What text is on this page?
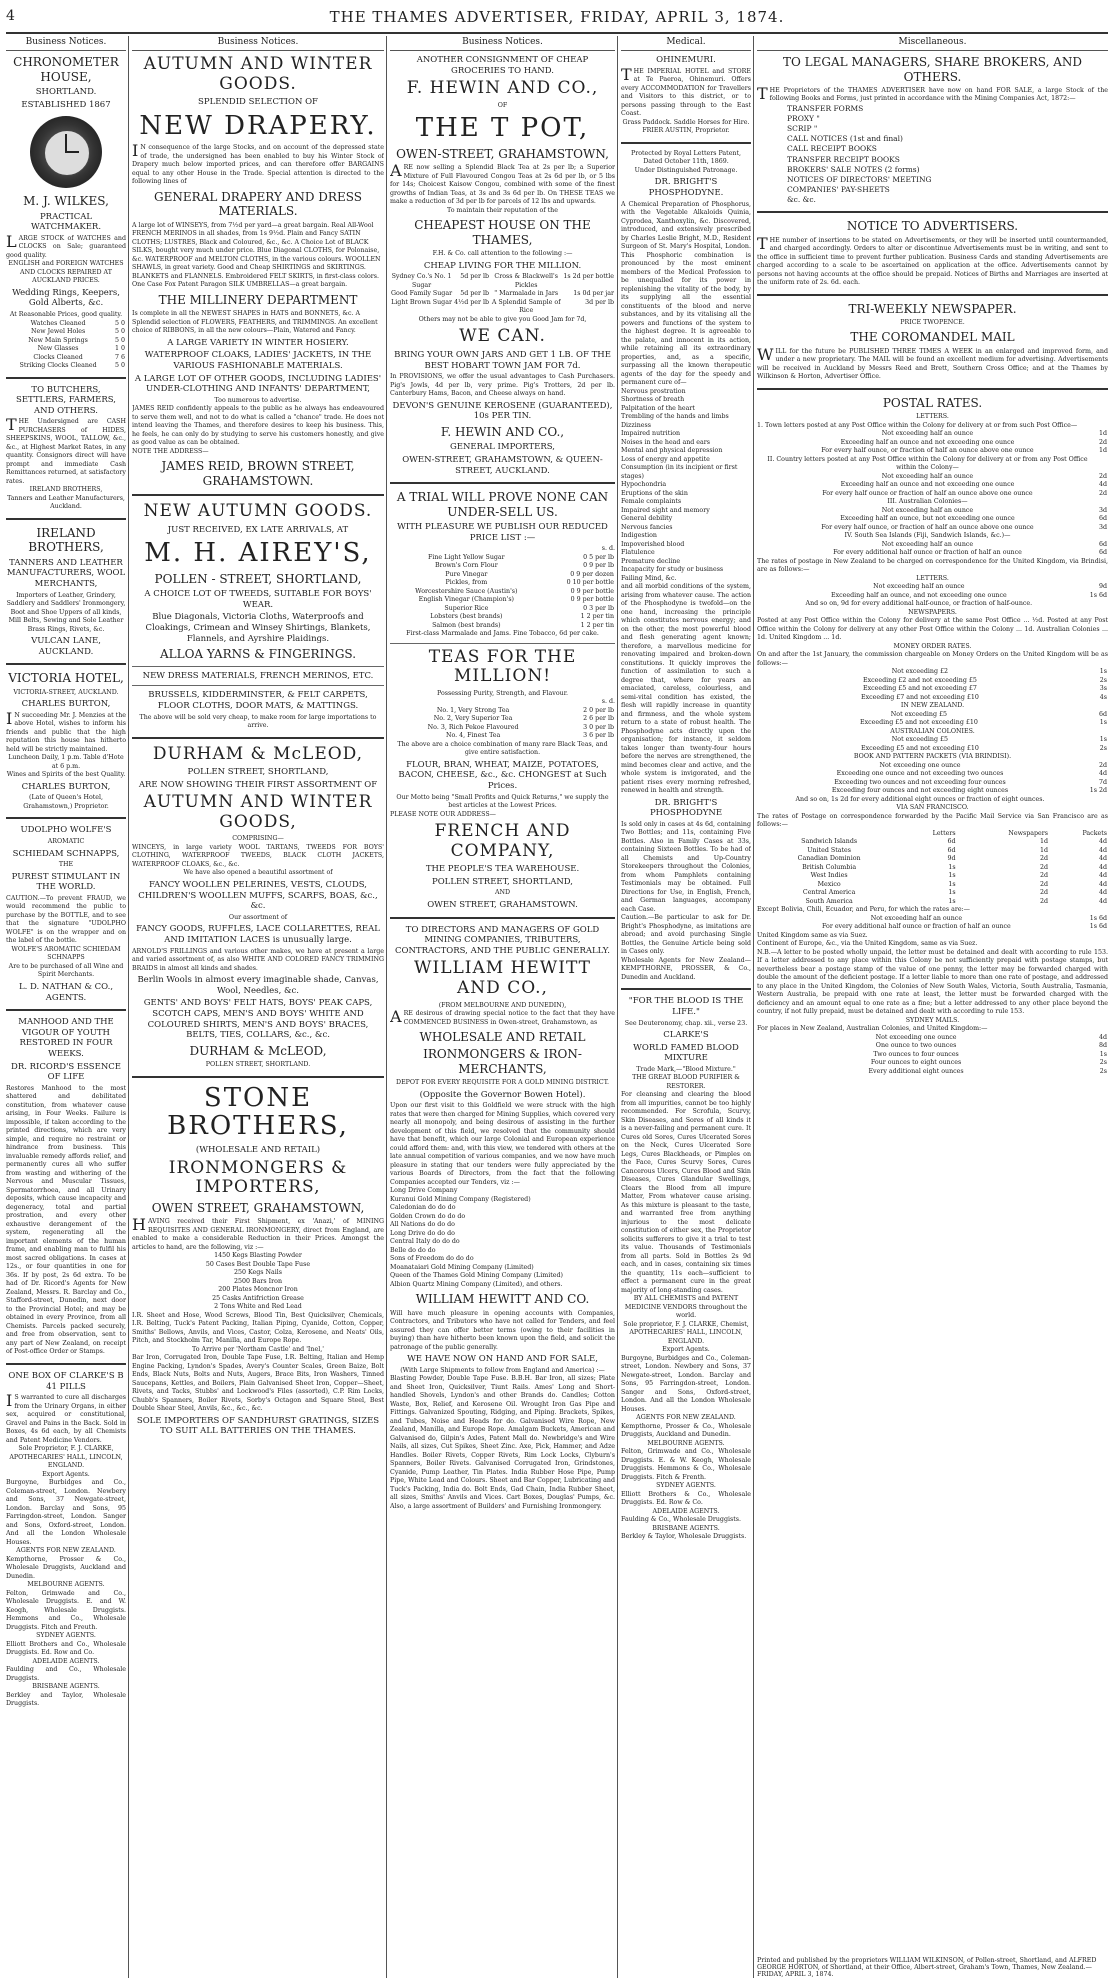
4	THE THAMES ADVERTISER, FRIDAY, APRIL 3, 1874.
Business Notices.
CHRONOMETER HOUSE,
SHORTLAND.
ESTABLISHED 1867
M. J. WILKES,
PRACTICAL WATCHMAKER.
LARGE STOCK of WATCHES and CLOCKS on Sale; guaranteed good quality.
ENGLISH and FOREIGN WATCHES AND CLOCKS REPAIRED AT AUCKLAND PRICES.
Wedding Rings, Keepers, Gold Alberts, &c.
At Reasonable Prices, good quality.
Watches Cleaned	5 0
New Jewel Holes	5 0
New Main Springs	5 0
New Glasses	1 0
Clocks Cleaned	7 6
Striking Clocks Cleaned	5 0
TO BUTCHERS, SETTLERS, FARMERS, AND OTHERS.
THE Undersigned are CASH PURCHASERS of HIDES, SHEEPSKINS, WOOL, TALLOW, &c., &c., at Highest Market Rates, in any quantity. Consignors direct will have prompt and immediate Cash Remittances returned, at satisfactory rates.
IRELAND BROTHERS,
Tanners and Leather Manufacturers, Auckland.
IRELAND BROTHERS,
TANNERS AND LEATHER MANUFACTURERS, WOOL MERCHANTS,
Importers of Leather, Grindery, Saddlery and Saddlers' Ironmongery, Boot and Shoe Uppers of all kinds, Mill Belts, Sewing and Sole Leather Brass Rings, Rivets, &c.
VULCAN LANE, AUCKLAND.
VICTORIA HOTEL,
VICTORIA-STREET, AUCKLAND.
CHARLES BURTON,
IN succeeding Mr. J. Menzies at the above Hotel, wishes to inform his friends and public that the high reputation this house has hitherto held will be strictly maintained.
Luncheon Daily, 1 p.m. Table d'Hote at 6 p.m.
Wines and Spirits of the best Quality.
CHARLES BURTON,
(Late of Queen's Hotel, Grahamstown,) Proprietor.
UDOLPHO WOLFE'S
AROMATIC
SCHIEDAM SCHNAPPS,
THE
PUREST STIMULANT IN THE WORLD.
CAUTION.—To prevent FRAUD, we would recommend the public to purchase by the BOTTLE, and to see that the signature "UDOLPHO WOLFE" is on the wrapper and on the label of the bottle.
WOLFE'S AROMATIC SCHIEDAM SCHNAPPS
Are to be purchased of all Wine and Spirit Merchants.
L. D. NATHAN & CO., AGENTS.
MANHOOD AND THE VIGOUR OF YOUTH RESTORED IN FOUR WEEKS.
DR. RICORD'S ESSENCE OF LIFE
Restores Manhood to the most shattered and debilitated constitution, from whatever cause arising, in Four Weeks. Failure is impossible, if taken according to the printed directions, which are very simple, and require no restraint or hindrance from business. This invaluable remedy affords relief, and permanently cures all who suffer from wasting and withering of the Nervous and Muscular Tissues, Spermatorrhoea, and all Urinary deposits, which cause incapacity and degeneracy, total and partial prostration, and every other exhaustive derangement of the system, regenerating all the important elements of the human frame, and enabling man to fulfil his most sacred obligations. In cases at 12s., or four quantities in one for 36s. If by post, 2s 6d extra. To be had of Dr. Ricord's Agents for New Zealand, Messrs. R. Barclay and Co., Stafford-street, Dunedin, next door to the Provincial Hotel; and may be obtained in every Province, from all Chemists. Parcels packed securely, and free from observation, sent to any part of New Zealand, on receipt of Post-office Order or Stamps.
ONE BOX OF CLARKE'S B 41 PILLS
IS warranted to cure all discharges from the Urinary Organs, in either sex, acquired or constitutional, Gravel and Pains in the Back. Sold in Boxes, 4s 6d each, by all Chemists and Patent Medicine Vendors.
Sole Proprietor, F. J. CLARKE,
APOTHECARIES' HALL, LINCOLN, ENGLAND.
Export Agents.
Burgoyne, Burbidges and Co., Coleman-street, London. Newbery and Sons, 37 Newgate-street, London. Barclay and Sons, 95 Farringdon-street, London. Sanger and Sons, Oxford-street, London. And all the London Wholesale Houses.
AGENTS FOR NEW ZEALAND.
Kempthorne, Prosser & Co., Wholesale Druggists, Auckland and Dunedin.
MELBOURNE AGENTS.
Felton, Grimwade and Co., Wholesale Druggists. E. and W. Keogh, Wholesale Druggists. Hemmons and Co., Wholesale Druggists. Fitch and Freuth.
SYDNEY AGENTS.
Elliott Brothers and Co., Wholesale Druggists. Ed. Row and Co.
ADELAIDE AGENTS.
Faulding and Co., Wholesale Druggists.
BRISBANE AGENTS.
Berkley and Taylor, Wholesale Druggists.
Business Notices.
AUTUMN AND WINTER GOODS.
SPLENDID SELECTION OF
NEW DRAPERY.
IN consequence of the large Stocks, and on account of the depressed state of trade, the undersigned has been enabled to buy his Winter Stock of Drapery much below imported prices, and can therefore offer BARGAINS equal to any other House in the Trade. Special attention is directed to the following lines of
GENERAL DRAPERY AND DRESS MATERIALS.
A large lot of WINSEYS, from 7½d per yard—a great bargain. Real All-Wool FRENCH MERINOS in all shades, from 1s 9½d. Plain and Fancy SATIN CLOTHS; LUSTRES, Black and Coloured, &c., &c. A Choice Lot of BLACK SILKS, bought very much under price. Blue Diagonal CLOTHS, for Polonaise, &c. WATERPROOF and MELTON CLOTHS, in the various colours. WOOLLEN SHAWLS, in great variety. Good and Cheap SHIRTINGS and SKIRTINGS. BLANKETS and FLANNELS. Embroidered FELT SKIRTS, in first-class colors. One Case Fox Patent Paragon SILK UMBRELLAS—a great bargain.
THE MILLINERY DEPARTMENT
Is complete in all the NEWEST SHAPES in HATS and BONNETS, &c. A Splendid selection of FLOWERS, FEATHERS, and TRIMMINGS. An excellent choice of RIBBONS, in all the new colours—Plain, Watered and Fancy.
A LARGE VARIETY IN WINTER HOSIERY.
WATERPROOF CLOAKS, LADIES' JACKETS, IN THE VARIOUS FASHIONABLE MATERIALS.
A LARGE LOT OF OTHER GOODS, INCLUDING LADIES' UNDER-CLOTHING AND INFANTS' DEPARTMENT,
Too numerous to advertise.
JAMES REID confidently appeals to the public as he always has endeavoured to serve them well, and not to do what is called a "chance" trade. He does not intend leaving the Thames, and therefore desires to keep his business. This, he feels, he can only do by studying to serve his customers honestly, and give as good value as can be obtained.
NOTE THE ADDRESS—
JAMES REID, BROWN STREET, GRAHAMSTOWN.
NEW AUTUMN GOODS.
JUST RECEIVED, EX LATE ARRIVALS, AT
M. H. AIREY'S,
POLLEN - STREET, SHORTLAND,
A CHOICE LOT OF TWEEDS, SUITABLE FOR BOYS' WEAR.
Blue Diagonals, Victoria Cloths, Waterproofs and Cloakings, Crimean and Winsey Shirtings, Blankets, Flannels, and Ayrshire Plaidings.
ALLOA YARNS & FINGERINGS.
NEW DRESS MATERIALS, FRENCH MERINOS, ETC.
BRUSSELS, KIDDERMINSTER, & FELT CARPETS, FLOOR CLOTHS, DOOR MATS, & MATTINGS.
The above will be sold very cheap, to make room for large importations to arrive.
DURHAM & McLEOD,
POLLEN STREET, SHORTLAND,
ARE NOW SHOWING THEIR FIRST ASSORTMENT OF
AUTUMN AND WINTER GOODS,
COMPRISING—
WINCEYS, in large variety WOOL TARTANS, TWEEDS FOR BOYS' CLOTHING, WATERPROOF TWEEDS, BLACK CLOTH JACKETS, WATERPROOF CLOAKS, &c., &c.
We have also opened a beautiful assortment of
FANCY WOOLLEN PELERINES, VESTS, CLOUDS, CHILDREN'S WOOLLEN MUFFS, SCARFS, BOAS, &c., &c.
Our assortment of
FANCY GOODS, RUFFLES, LACE COLLARETTES, REAL AND IMITATION LACES is unusually large.
ARNOLD'S FRILLINGS and various other makes, we have at present a large and varied assortment of, as also WHITE AND COLORED FANCY TRIMMING BRAIDS in almost all kinds and shades.
Berlin Wools in almost every imaginable shade, Canvas, Wool, Needles, &c.
GENTS' AND BOYS' FELT HATS, BOYS' PEAK CAPS, SCOTCH CAPS, MEN'S AND BOYS' WHITE AND COLOURED SHIRTS, MEN'S AND BOYS' BRACES, BELTS, TIES, COLLARS, &c., &c.
DURHAM & McLEOD,
POLLEN STREET, SHORTLAND.
STONE BROTHERS,
(WHOLESALE AND RETAIL)
IRONMONGERS & IMPORTERS,
OWEN STREET, GRAHAMSTOWN,
HAVING received their First Shipment, ex 'Anazi,' of MINING REQUISITES AND GENERAL IRONMONGERY, direct from England, are enabled to make a considerable Reduction in their Prices. Amongst the articles to hand, are the following, viz :—
1450 Kegs Blasting Powder
50 Cases Best Double Tape Fuse
250 Kegs Nails
2500 Bars Iron
200 Plates Moncnor Iron
25 Casks Antifriction Grease
2 Tons White and Red Lead
I.R. Sheet and Hose, Wood Screws, Blood Tin, Best Quicksilver, Chemicals, I.R. Belting, Tuck's Patent Packing, Italian Piping, Cyanide, Cotton, Copper, Smiths' Bellows, Anvils, and Vices, Castor, Colza, Kerosene, and Neats' Oils, Pitch, and Stockholm Tar, Manilla, and Europe Rope.
To Arrive per 'Northam Castle' and 'Inel,'
Bar Iron, Corrugated Iron, Double Tape Fuse, I.R. Belting, Italian and Hemp Engine Packing, Lyndon's Spades, Avery's Counter Scales, Green Baize, Bolt Ends, Black Nuts, Bolts and Nuts, Augers, Brace Bits, Iron Washers, Tinned Saucepans, Kettles, and Boilers, Plain Galvanised Sheet Iron, Copper—Sheet, Rivets, and Tacks, Stubbs' and Lockwood's Files (assorted), C.P. Rim Locks, Chubb's Spanners, Boiler Rivets, Sorby's Octagon and Square Steel, Best Double Shear Steel, Anvils, &c., &c., &c.
SOLE IMPORTERS OF SANDHURST GRATINGS, SIZES TO SUIT ALL BATTERIES ON THE THAMES.
Business Notices.
ANOTHER CONSIGNMENT OF CHEAP GROCERIES TO HAND.
F. HEWIN AND CO.,
OF
THE T POT,
OWEN-STREET, GRAHAMSTOWN,
ARE now selling a Splendid Black Tea at 2s per lb; a Superior Mixture of Full Flavoured Congou Teas at 2s 6d per lb, or 5 lbs for 14s; Choicest Kaisow Congou, combined with some of the finest growths of Indian Teas, at 3s and 3s 6d per lb. On THESE TEAS we make a reduction of 3d per lb for parcels of 12 lbs and upwards.
To maintain their reputation of the
CHEAPEST HOUSE ON THE THAMES,
F.H. & Co. call attention to the following :—
CHEAP LIVING FOR THE MILLION.
Sydney Co.'s No. 1 Sugar	5d per lb	Cross & Blackwell's Pickles	1s 2d per bottle
Good Family Sugar	5d per lb	" Marmalade in Jars	1s 0d per jar
Light Brown Sugar	4½d per lb	A Splendid Sample of Rice	3d per lb
Others may not be able to give you Good Jam for 7d,
WE CAN.
BRING YOUR OWN JARS AND GET 1 LB. OF THE BEST HOBART TOWN JAM FOR 7d.
In PROVISIONS, we offer the usual advantages to Cash Purchasers. Pig's Jowls, 4d per lb, very prime. Pig's Trotters, 2d per lb. Canterbury Hams, Bacon, and Cheese always on hand.
DEVON'S GENUINE KEROSENE (GUARANTEED), 10s PER TIN.
F. HEWIN AND CO.,
GENERAL IMPORTERS,
OWEN-STREET, GRAHAMSTOWN, & QUEEN-STREET, AUCKLAND.
A TRIAL WILL PROVE NONE CAN UNDER-SELL US.
WITH PLEASURE WE PUBLISH OUR REDUCED PRICE LIST :—
s. d.
Fine Light Yellow Sugar	0 5 per lb
Brown's Corn Flour	0 9 per lb
Pure Vinegar	0 9 per dozen
Pickles, from	0 10 per bottle
Worcestershire Sauce (Austin's)	0 9 per bottle
English Vinegar (Champion's)	0 9 per bottle
Superior Rice	0 3 per lb
Lobsters (best brands)	1 2 per tin
Salmon (best brands)	1 2 per tin
First-class Marmalade and Jams. Fine Tobacco, 6d per cake.
TEAS FOR THE MILLION!
Possessing Purity, Strength, and Flavour.
s. d.
No. 1, Very Strong Tea	2 0 per lb
No. 2, Very Superior Tea	2 6 per lb
No. 3, Rich Pekoe Flavoured	3 0 per lb
No. 4, Finest Tea	3 6 per lb
The above are a choice combination of many rare Black Teas, and give entire satisfaction.
FLOUR, BRAN, WHEAT, MAIZE, POTATOES, BACON, CHEESE, &c., &c. CHONGEST at Such Prices.
Our Motto being "Small Profits and Quick Returns," we supply the best articles at the Lowest Prices.
PLEASE NOTE OUR ADDRESS—
FRENCH AND COMPANY,
THE PEOPLE'S TEA WAREHOUSE.
POLLEN STREET, SHORTLAND,
AND
OWEN STREET, GRAHAMSTOWN.
TO DIRECTORS AND MANAGERS OF GOLD MINING COMPANIES, TRIBUTERS, CONTRACTORS, AND THE PUBLIC GENERALLY.
WILLIAM HEWITT AND CO.,
(FROM MELBOURNE AND DUNEDIN),
ARE desirous of drawing special notice to the fact that they have COMMENCED BUSINESS in Owen-street, Grahamstown, as
WHOLESALE AND RETAIL
IRONMONGERS & IRON-MERCHANTS,
DEPOT FOR EVERY REQUISITE FOR A GOLD MINING DISTRICT.
(Opposite the Governor Bowen Hotel).
Upon our first visit to this Goldfield we were struck with the high rates that were then charged for Mining Supplies, which covered very nearly all monopoly, and being desirous of assisting in the further development of this field, we resolved that the community should have that benefit, which our large Colonial and European experience could afford them: and, with this view, we tendered with others at the late annual competition of various companies, and we now have much pleasure in stating that our tenders were fully appreciated by the various Boards of Directors, from the fact that the following Companies accepted our Tenders, viz :—
Long Drive Company
Kuranui Gold Mining Company (Registered)
Caledonian do do do
Golden Crown do do do
All Nations do do do
Long Drive do do do
Central Italy do do do
Belle do do do
Sons of Freedom do do do
Moanataiari Gold Mining Company (Limited)
Queen of the Thames Gold Mining Company (Limited)
Albion Quartz Mining Company (Limited), and others.
WILLIAM HEWITT AND CO.
Will have much pleasure in opening accounts with Companies, Contractors, and Tributors who have not called for Tenders, and feel assured they can offer better terms (owing to their facilities in buying) than have hitherto been known upon the field, and solicit the patronage of the public generally.
WE HAVE NOW ON HAND AND FOR SALE,
(With Large Shipments to follow from England and America) :—
Blasting Powder, Double Tape Fuse. B.B.H. Bar Iron, all sizes; Plate and Sheet Iron, Quicksilver, Tiunt Rails. Ames' Long and Short-handled Shovels, Lyndon's and other Brands do. Candles; Cotton Waste, Box, Relief, and Kerosene Oil. Wrought Iron Gas Pipe and Fittings. Galvanized Spouting, Ridging, and Piping. Brackets, Spikes, and Tubes, Noise and Heads for do. Galvanised Wire Rope, New Zealand, Manilla, and Europe Rope. Amalgam Buckets, American and Galvanised do, Gilpin's Axles, Patent Mall do. Newbridge's and Wire Nails, all sizes, Cut Spikes, Sheet Zinc. Axe, Pick, Hammer, and Adze Handles. Boiler Rivets, Copper Rivets, Rim Lock Locks, Clyburn's Spanners, Boiler Rivets. Galvanised Corrugated Iron, Grindstones, Cyanide, Pump Leather, Tin Plates. India Rubber Hose Pipe, Pump Pipe, White Lead and Colours. Sheet and Bar Copper, Lubricating and Tuck's Packing, India do. Bolt Ends, Gad Chain, India Rubber Sheet, all sizes, Smiths' Anvils and Vices. Cart Boxes, Douglas' Pumps, &c. Also, a large assortment of Builders' and Furnishing Ironmongery.
Medical.
OHINEMURI.
THE IMPERIAL HOTEL and STORE at Te Paeroa, Ohinemuri. Offers every ACCOMMODATION for Travellers and Visitors to this district, or to persons passing through to the East Coast.
Grass Paddock. Saddle Horses for Hire.
FRIER AUSTIN, Proprietor.
Protected by Royal Letters Patent, Dated October 11th, 1869.
Under Distinguished Patronage.
DR. BRIGHT'S PHOSPHODYNE.
A Chemical Preparation of Phosphorus, with the Vegetable Alkaloids Quinia, Cyprodea, Xanthoxylin, &c. Discovered, introduced, and extensively prescribed by Charles Leslie Bright, M.D., Resident Surgeon of St. Mary's Hospital, London. This Phosphoric combination is pronounced by the most eminent members of the Medical Profession to be unequalled for its power in replenishing the vitality of the body, by its supplying all the essential constituents of the blood and nerve substances, and by its vitalising all the powers and functions of the system to the highest degree. It is agreeable to the palate, and innocent in its action, while retaining all its extraordinary properties, and, as a specific, surpassing all the known therapeutic agents of the day for the speedy and permanent cure of—
Nervous prostration
Shortness of breath
Palpitation of the heart
Trembling of the hands and limbs
Dizziness
Impaired nutrition
Noises in the head and ears
Mental and physical depression
Loss of energy and appetite
Consumption (in its incipient or first stages)
Hypochondria
Eruptions of the skin
Female complaints
Impaired sight and memory
General debility
Nervous fancies
Indigestion
Impoverished blood
Flatulence
Premature decline
Incapacity for study or business
Failing Mind, &c.
and all morbid conditions of the system, arising from whatever cause. The action of the Phosphodyne is twofold—on the one hand, increasing the principle which constitutes nervous energy; and on the other, the most powerful blood and flesh generating agent known; therefore, a marvellous medicine for renovating impaired and broken-down constitutions. It quickly improves the function of assimilation to such a degree that, where for years an emaciated, careless, colourless, and semi-vital condition has existed, the flesh will rapidly increase in quantity and firmness, and the whole system return to a state of robust health. The Phosphodyne acts directly upon the organisation; for instance, it seldom takes longer than twenty-four hours before the nerves are strengthened, the mind becomes clear and active, and the whole system is invigorated, and the patient rises every morning refreshed, renewed in health and strength.
DR. BRIGHT'S PHOSPHODYNE
Is sold only in cases at 4s 6d, containing Two Bottles; and 11s, containing Five Bottles. Also in Family Cases at 33s, containing Sixteen Bottles. To be had of all Chemists and Up-Country Storekeepers throughout the Colonies, from whom Pamphlets containing Testimonials may be obtained. Full Directions for Use, in English, French, and German languages, accompany each Case.
Caution.—Be particular to ask for Dr. Bright's Phosphodyne, as imitations are abroad; and avoid purchasing Single Bottles, the Genuine Article being sold in Cases only.
Wholesale Agents for New Zealand—KEMPTHORNE, PROSSER, & Co., Dunedin and Auckland.
"FOR THE BLOOD IS THE LIFE."
See Deuteronomy, chap. xii., verse 23.
CLARKE'S
WORLD FAMED BLOOD MIXTURE
Trade Mark,—"Blood Mixture."
THE GREAT BLOOD PURIFIER & RESTORER.
For cleansing and clearing the blood from all impurities, cannot be too highly recommended. For Scrofula, Scurvy, Skin Diseases, and Sores of all kinds it is a never-failing and permanent cure. It Cures old Sores, Cures Ulcerated Sores on the Neck, Cures Ulcerated Sore Legs, Cures Blackheads, or Pimples on the Face, Cures Scurvy Sores, Cures Cancerous Ulcers, Cures Blood and Skin Diseases, Cures Glandular Swellings, Clears the Blood from all impure Matter, From whatever cause arising. As this mixture is pleasant to the taste, and warranted free from anything injurious to the most delicate constitution of either sex, the Proprietor solicits sufferers to give it a trial to test its value. Thousands of Testimonials from all parts. Sold in Bottles 2s 9d each, and in cases, containing six times the quantity, 11s each—sufficient to effect a permanent cure in the great majority of long-standing cases.
BY ALL CHEMISTS and PATENT MEDICINE VENDORS throughout the world.
Sole proprietor, F. J. CLARKE, Chemist, APOTHECARIES' HALL, LINCOLN, ENGLAND.
Export Agents.
Burgoyne, Burbidges and Co., Coleman-street, London. Newbery and Sons, 37 Newgate-street, London. Barclay and Sons, 95 Farringdon-street, London. Sanger and Sons, Oxford-street, London. And all the London Wholesale Houses.
AGENTS FOR NEW ZEALAND.
Kempthorne, Prosser & Co., Wholesale Druggists, Auckland and Dunedin.
MELBOURNE AGENTS.
Felton, Grimwade and Co., Wholesale Druggists. E. & W. Keogh, Wholesale Druggists. Hemmons & Co., Wholesale Druggists. Fitch & Frenth.
SYDNEY AGENTS.
Elliott Brothers & Co., Wholesale Druggists. Ed. Row & Co.
ADELAIDE AGENTS.
Faulding & Co., Wholesale Druggists.
BRISBANE AGENTS.
Berkley & Taylor, Wholesale Druggists.
Miscellaneous.
TO LEGAL MANAGERS, SHARE BROKERS, AND OTHERS.
THE Proprietors of the THAMES ADVERTISER have now on hand FOR SALE, a large Stock of the following Books and Forms, just printed in accordance with the Mining Companies Act, 1872:—
TRANSFER FORMS
PROXY "
SCRIP "
CALL NOTICES (1st and final)
CALL RECEIPT BOOKS
TRANSFER RECEIPT BOOKS
BROKERS' SALE NOTES (2 forms)
NOTICES OF DIRECTORS' MEETING
COMPANIES' PAY-SHEETS
&c. &c.
NOTICE TO ADVERTISERS.
THE number of insertions to be stated on Advertisements, or they will be inserted until countermanded, and charged accordingly. Orders to alter or discontinue Advertisements must be in writing, and sent to the office in sufficient time to prevent further publication. Business Cards and standing Advertisements are charged according to a scale to be ascertained on application at the office. Advertisements cannot by persons not having accounts at the office should be prepaid. Notices of Births and Marriages are inserted at the uniform rate of 2s. 6d. each.
TRI-WEEKLY NEWSPAPER.
PRICE TWOPENCE.
THE COROMANDEL MAIL
WILL for the future be PUBLISHED THREE TIMES A WEEK in an enlarged and improved form, and under a new proprietary. The MAIL will be found an excellent medium for advertising. Advertisements will be received in Auckland by Messrs Reed and Brett, Southern Cross Office; and at the Thames by Wilkinson & Horton, Advertiser Office.
POSTAL RATES.
LETTERS.
1. Town letters posted at any Post Office within the Colony for delivery at or from such Post Office—
Not exceeding half an ounce	1d
Exceeding half an ounce and not exceeding one ounce	2d
For every half ounce, or fraction of half an ounce above one ounce	1d
II. Country letters posted at any Post Office within the Colony for delivery at or from any Post Office within the Colony—	
Not exceeding half an ounce	2d
Exceeding half an ounce and not exceeding one ounce	4d
For every half ounce or fraction of half an ounce above one ounce	2d
III. Australian Colonies—	
Not exceeding half an ounce	3d
Exceeding half an ounce, but not exceeding one ounce	6d
For every half ounce, or fraction of half an ounce above one ounce	3d
IV. South Sea Islands (Fiji, Sandwich Islands, &c.)—	
Not exceeding half an ounce	6d
For every additional half ounce or fraction of half an ounce	6d
The rates of postage in New Zealand to be charged on correspondence for the United Kingdom, via Brindisi, are as follows:—
LETTERS.
Not exceeding half an ounce	9d
Exceeding half an ounce, and not exceeding one ounce	1s 6d
And so on, 9d for every additional half-ounce, or fraction of half-ounce.	
NEWSPAPERS.
Posted at any Post Office within the Colony for delivery at the same Post Office ... ½d. Posted at any Post Office within the Colony for delivery at any other Post Office within the Colony ... 1d. Australian Colonies ... 1d. United Kingdom ... 1d.
MONEY ORDER RATES.
On and after the 1st January, the commission chargeable on Money Orders on the United Kingdom will be as follows:—
Not exceeding £2	1s
Exceeding £2 and not exceeding £5	2s
Exceeding £5 and not exceeding £7	3s
Exceeding £7 and not exceeding £10	4s
IN NEW ZEALAND.
Not exceeding £5	6d
Exceeding £5 and not exceeding £10	1s
AUSTRALIAN COLONIES.
Not exceeding £5	1s
Exceeding £5 and not exceeding £10	2s
BOOK AND PATTERN PACKETS (VIA BRINDISI).
Not exceeding one ounce	2d
Exceeding one ounce and not exceeding two ounces	4d
Exceeding two ounces and not exceeding four ounces	7d
Exceeding four ounces and not exceeding eight ounces	1s 2d
And so on, 1s 2d for every additional eight ounces or fraction of eight ounces.	
VIA SAN FRANCISCO.
The rates of Postage on correspondence forwarded by the Pacific Mail Service via San Francisco are as follows:—
	Letters	Newspapers	Packets
Sandwich Islands	6d	1d	4d
United States	6d	1d	4d
Canadian Dominion	9d	2d	4d
British Columbia	1s	2d	4d
West Indies	1s	2d	4d
Mexico	1s	2d	4d
Central America	1s	2d	4d
South America	1s	2d	4d
Except Bolivia, Chili, Ecuador, and Peru, for which the rates are:—
Not exceeding half an ounce	1s 6d
For every additional half ounce or fraction of half an ounce	1s 6d
United Kingdom same as via Suez.
Continent of Europe, &c., via the United Kingdom, same as via Suez.
N.B.—A letter to be posted wholly unpaid, the letter must be detained and dealt with according to rule 153. If a letter addressed to any place within this Colony be not sufficiently prepaid with postage stamps, but nevertheless bear a postage stamp of the value of one penny, the letter may be forwarded charged with double the amount of the deficient postage. If a letter liable to more than one rate of postage, and addressed to any place in the United Kingdom, the Colonies of New South Wales, Victoria, South Australia, Tasmania, Western Australia, be prepaid with one rate at least, the letter must be forwarded charged with the deficiency and an amount equal to one rate as a fine; but a letter addressed to any other place beyond the country, if not fully prepaid, must be detained and dealt with according to rule 153.
SYDNEY MAILS.
For places in New Zealand, Australian Colonies, and United Kingdom:—
Not exceeding one ounce	4d
One ounce to two ounces	8d
Two ounces to four ounces	1s
Four ounces to eight ounces	2s
Every additional eight ounces	2s
Printed and published by the proprietors WILLIAM WILKINSON, of Pollen-street, Shortland, and ALFRED GEORGE HORTON, of Shortland, at their Office, Albert-street, Graham's Town, Thames, New Zealand.—FRIDAY, APRIL 3, 1874.
